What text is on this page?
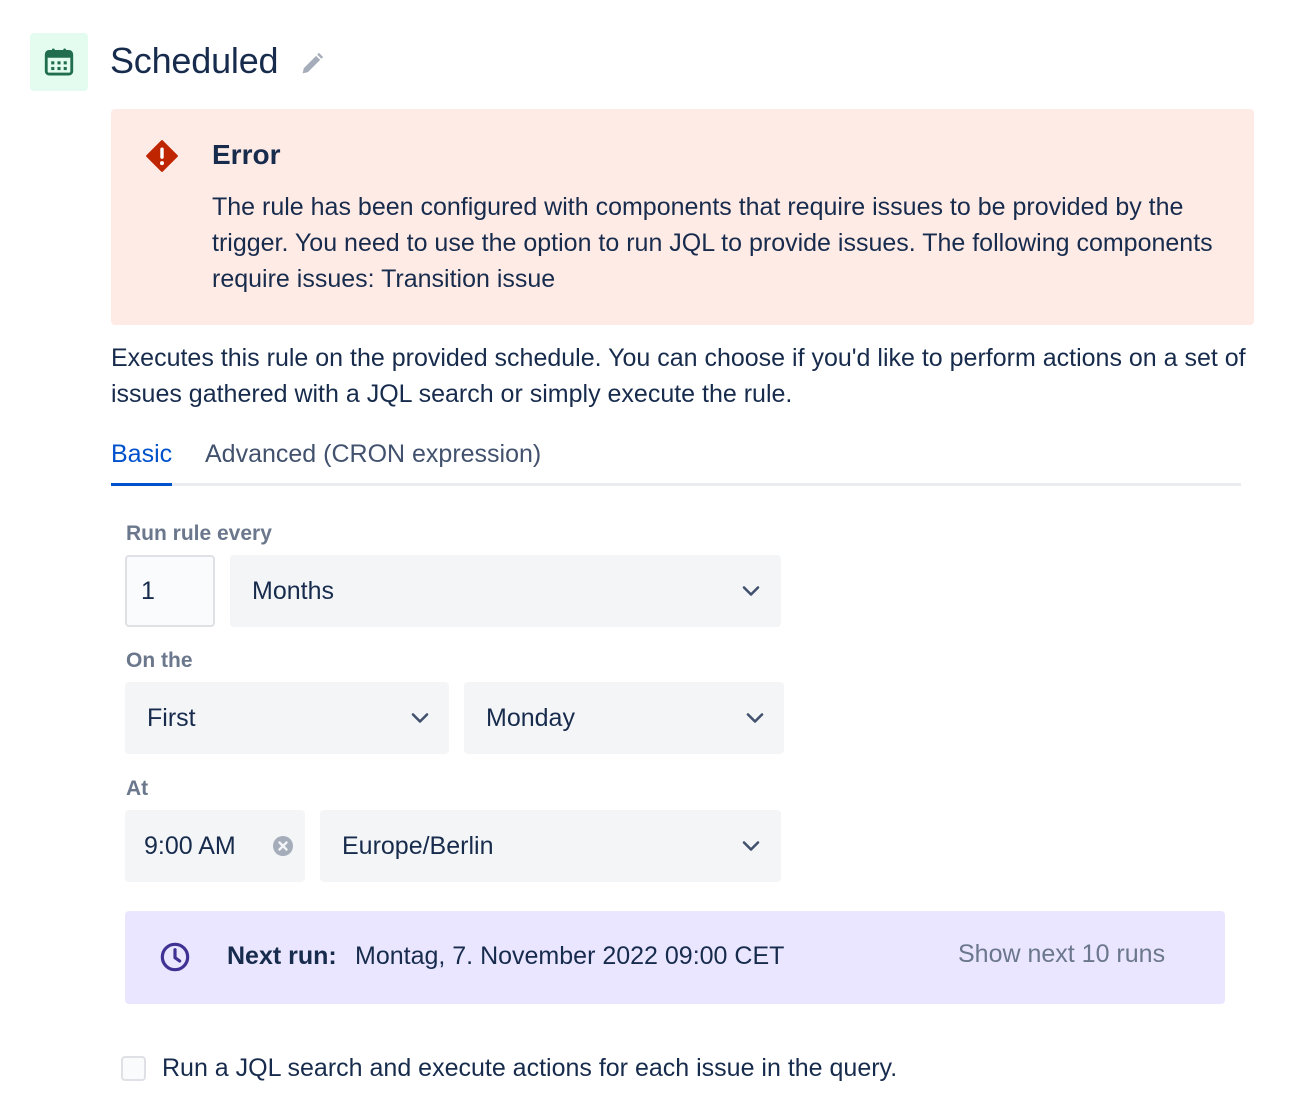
Scheduled
Error
The rule has been configured with components that require issues to be provided by the trigger. You need to use the option to run JQL to provide issues. The following components require issues: Transition issue
Executes this rule on the provided schedule. You can choose if you'd like to perform actions on a set of issues gathered with a JQL search or simply execute the rule.
Basic Advanced (CRON expression)
Run rule every
1	Months
On the
First	Monday
At
9:00 AM	Europe/Berlin
Next run: Montag, 7. November 2022 09:00 CET	Show next 10 runs
Run a JQL search and execute actions for each issue in the query.
